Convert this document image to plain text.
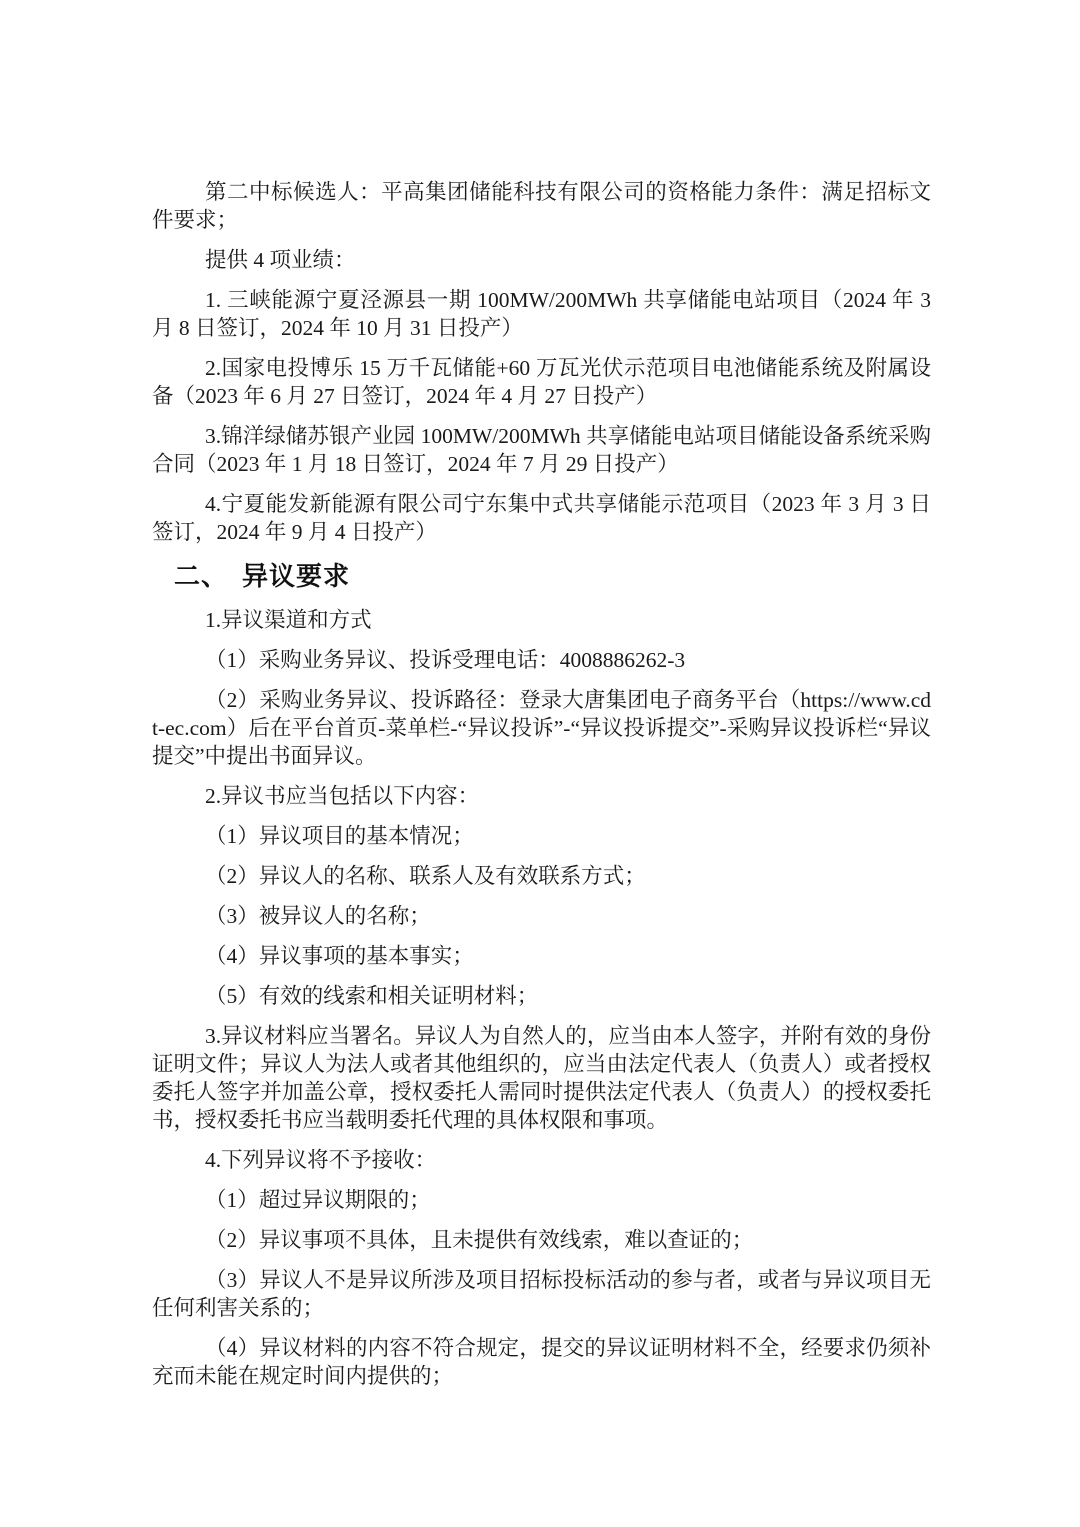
第二中标候选人：平高集团储能科技有限公司的资格能力条件：满足招标文件要求；

提供 4 项业绩：

1. 三峡能源宁夏泾源县一期 100MW/200MWh 共享储能电站项目（2024 年 3 月 8 日签订，2024 年 10 月 31 日投产）

2.国家电投博乐 15 万千瓦储能+60 万瓦光伏示范项目电池储能系统及附属设备（2023 年 6 月 27 日签订，2024 年 4 月 27 日投产）

3.锦洋绿储苏银产业园 100MW/200MWh 共享储能电站项目储能设备系统采购合同（2023 年 1 月 18 日签订，2024 年 7 月 29 日投产）

4.宁夏能发新能源有限公司宁东集中式共享储能示范项目（2023 年 3 月 3 日签订，2024 年 9 月 4 日投产）

二、 异议要求

1.异议渠道和方式

（1）采购业务异议、投诉受理电话：4008886262-3

（2）采购业务异议、投诉路径：登录大唐集团电子商务平台（https://www.cdt-ec.com）后在平台首页-菜单栏-“异议投诉”-“异议投诉提交”-采购异议投诉栏“异议提交”中提出书面异议。

2.异议书应当包括以下内容：

（1）异议项目的基本情况；

（2）异议人的名称、联系人及有效联系方式；

（3）被异议人的名称；

（4）异议事项的基本事实；

（5）有效的线索和相关证明材料；

3.异议材料应当署名。异议人为自然人的，应当由本人签字，并附有效的身份证明文件；异议人为法人或者其他组织的，应当由法定代表人（负责人）或者授权委托人签字并加盖公章，授权委托人需同时提供法定代表人（负责人）的授权委托书，授权委托书应当载明委托代理的具体权限和事项。

4.下列异议将不予接收：

（1）超过异议期限的；

（2）异议事项不具体，且未提供有效线索，难以查证的；

（3）异议人不是异议所涉及项目招标投标活动的参与者，或者与异议项目无任何利害关系的；

（4）异议材料的内容不符合规定，提交的异议证明材料不全，经要求仍须补充而未能在规定时间内提供的；
